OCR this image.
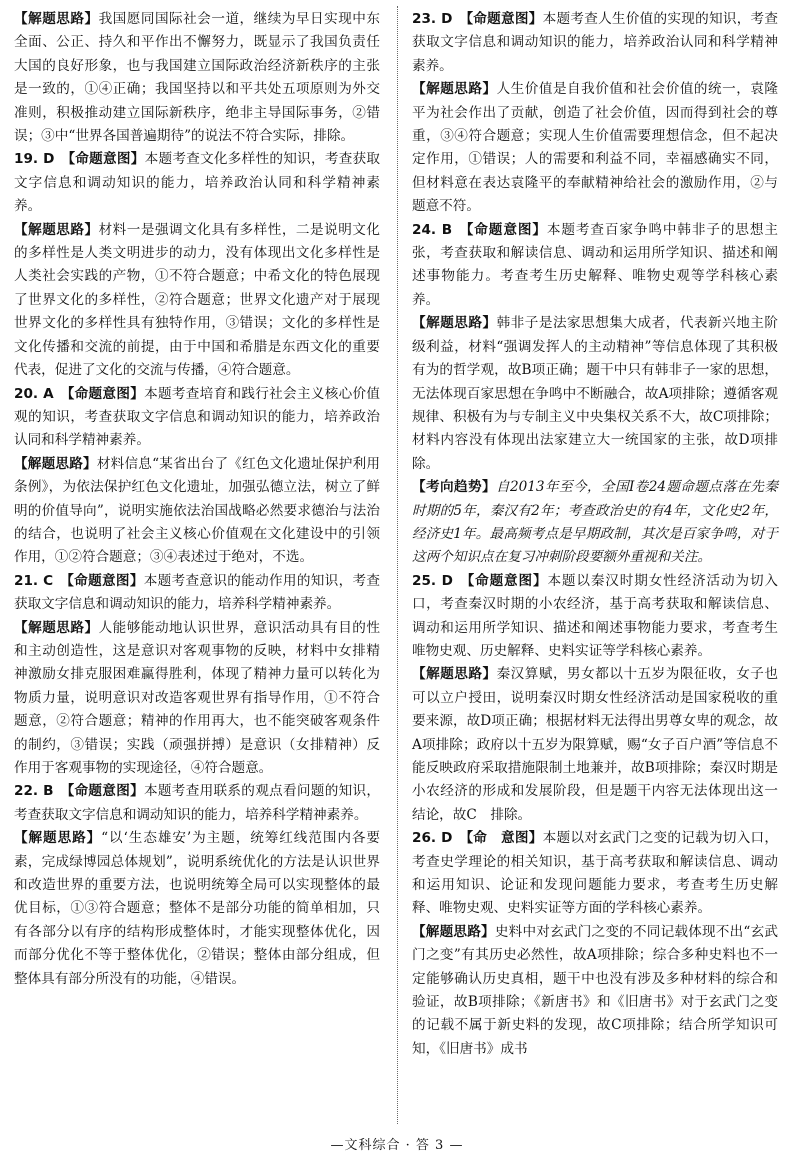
【解题思路】我国愿同国际社会一道，继续为早日实现中东全面、公正、持久和平作出不懈努力，既显示了我国负责任大国的良好形象，也与我国建立国际政治经济新秩序的主张是一致的，①④正确；我国坚持以和平共处五项原则为外交准则，积极推动建立国际新秩序，绝非主导国际事务，②错误；③中“世界各国普遍期待”的说法不符合实际，排除。

19. D  【命题意图】本题考查文化多样性的知识，考查获取文字信息和调动知识的能力，培养政治认同和科学精神素养。

【解题思路】材料一是强调文化具有多样性，二是说明文化的多样性是人类文明进步的动力，没有体现出文化多样性是人类社会实践的产物，①不符合题意；中希文化的特色展现了世界文化的多样性，②符合题意；世界文化遗产对于展现世界文化的多样性具有独特作用，③错误；文化的多样性是文化传播和交流的前提，由于中国和希腊是东西文化的重要代表，促进了文化的交流与传播，④符合题意。

20. A  【命题意图】本题考查培育和践行社会主义核心价值观的知识，考查获取文字信息和调动知识的能力，培养政治认同和科学精神素养。

【解题思路】材料信息“某省出台了《红色文化遗址保护利用条例》，为依法保护红色文化遗址，加强弘德立法，树立了鲜明的价值导向”，说明实施依法治国战略必然要求德治与法治的结合，也说明了社会主义核心价值观在文化建设中的引领作用，①②符合题意；③④表述过于绝对，不选。

21. C  【命题意图】本题考查意识的能动作用的知识，考查获取文字信息和调动知识的能力，培养科学精神素养。

【解题思路】人能够能动地认识世界，意识活动具有目的性和主动创造性，这是意识对客观事物的反映，材料中女排精神激励女排克服困难赢得胜利，体现了精神力量可以转化为物质力量，说明意识对改造客观世界有指导作用，①不符合题意，②符合题意；精神的作用再大，也不能突破客观条件的制约，③错误；实践（顽强拼搏）是意识（女排精神）反作用于客观事物的实现途径，④符合题意。

22. B  【命题意图】本题考查用联系的观点看问题的知识，考查获取文字信息和调动知识的能力，培养科学精神素养。

【解题思路】“以‘生态雄安’为主题，统筹红线范围内各要素，完成绿博园总体规划”，说明系统优化的方法是认识世界和改造世界的重要方法，也说明统筹全局可以实现整体的最优目标，①③符合题意；整体不是部分功能的简单相加，只有各部分以有序的结构形成整体时，才能实现整体优化，因而部分优化不等于整体优化，②错误；整体由部分组成，但整体具有部分所没有的功能，④错误。

23. D  【命题意图】本题考查人生价值的实现的知识，考查获取文字信息和调动知识的能力，培养政治认同和科学精神素养。

【解题思路】人生价值是自我价值和社会价值的统一，袁隆平为社会作出了贡献，创造了社会价值，因而得到社会的尊重，③④符合题意；实现人生价值需要理想信念，但不起决定作用，①错误；人的需要和利益不同，幸福感确实不同，但材料意在表达袁隆平的奉献精神给社会的激励作用，②与题意不符。

24. B  【命题意图】本题考查百家争鸣中韩非子的思想主张，考查获取和解读信息、调动和运用所学知识、描述和阐述事物能力。考查考生历史解释、唯物史观等学科核心素养。

【解题思路】韩非子是法家思想集大成者，代表新兴地主阶级利益，材料“强调发挥人的主动精神”等信息体现了其积极有为的哲学观，故B项正确；题干中只有韩非子一家的思想，无法体现百家思想在争鸣中不断融合，故A项排除；遵循客观规律、积极有为与专制主义中央集权关系不大，故C项排除；材料内容没有体现出法家建立大一统国家的主张，故D项排除。

【考向趋势】自2013年至今，全国Ⅰ卷24题命题点落在先秦时期的5年，秦汉有2年；考查政治史的有4年，文化史2年，经济史1年。最高频考点是早期政制，其次是百家争鸣，对于这两个知识点在复习冲刺阶段要额外重视和关注。

25. D  【命题意图】本题以秦汉时期女性经济活动为切入口，考查秦汉时期的小农经济，基于高考获取和解读信息、调动和运用所学知识、描述和阐述事物能力要求，考查考生唯物史观、历史解释、史料实证等学科核心素养。

【解题思路】秦汉算赋，男女都以十五岁为限征收，女子也可以立户授田，说明秦汉时期女性经济活动是国家税收的重要来源，故D项正确；根据材料无法得出男尊女卑的观念，故A项排除；政府以十五岁为限算赋，赐“女子百户酒”等信息不能反映政府采取措施限制土地兼并，故B项排除；秦汉时期是小农经济的形成和发展阶段，但是题干内容无法体现出这一结论，故C　排除。

26. D  【命　意图】本题以对玄武门之变的记载为切入口，考查史学理论的相关知识，基于高考获取和解读信息、调动和运用知识、论证和发现问题能力要求，考查考生历史解释、唯物史观、史料实证等方面的学科核心素养。

【解题思路】史料中对玄武门之变的不同记载体现不出“玄武门之变”有其历史必然性，故A项排除；综合多种史料也不一定能够确认历史真相，题干中也没有涉及多种材料的综合和验证，故B项排除；《新唐书》和《旧唐书》对于玄武门之变的记载不属于新史料的发现，故C项排除；结合所学知识可知，《旧唐书》成书

—文科综合 · 答 3 —
